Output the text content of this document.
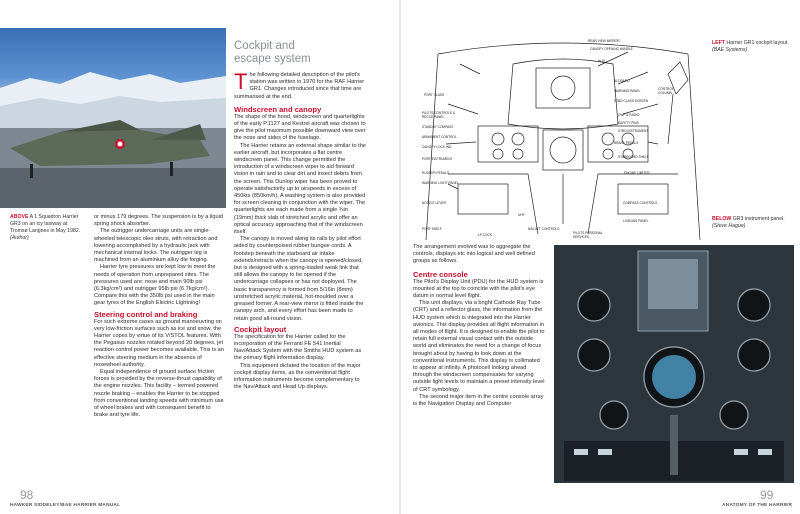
ABOVE A 1 Squadron Harrier GR3 on an icy taxiway at Tromsø Langnes in May 1982.
(Author)

or minus 179 degrees. The suspension is by a liquid spring shock absorber.

The outrigger undercarriage units are single-wheeled telescopic oleo struts, with retraction and lowering accomplished by a hydraulic jack with mechanical internal locks. The outrigger leg is machined from an aluminium alloy die forging.

Harrier tyre pressures are kept low to meet the needs of operation from unprepared sites. The pressures used are: nose and main 90lb psi (6.3kg/cm²) and outrigger 95lb psi (6.7kg/cm²). Compare this with the 350lb psi used in the main gear tyres of the English Electric Lightning!

Steering control and braking

For such extreme cases as ground manoeuvring on very low-friction surfaces such as ice and snow, the Harrier copes by virtue of its V/STOL features. With the Pegasus nozzles rotated beyond 20 degrees, jet reaction control power becomes available. This is an effective steering medium in the absence of nosewheel authority.

Equal independence of ground surface friction forces is provided by the reverse-thrust capability of the engine nozzles. This facility – termed powered nozzle braking – enables the Harrier to be stopped from conventional landing speeds with minimum use of wheel brakes and with consequent benefit to brake and tyre life.

Cockpit and
escape system

The following detailed description of the pilot's station was written in 1970 for the RAF Harrier GR1. Changes introduced since that time are summarised at the end.

Windscreen and canopy

The shape of the hood, windscreen and quarterlights of the early P.1127 and Kestrel aircraft was chosen to give the pilot maximum possible downward view over the nose and sides of the fuselage.

The Harrier retains an external shape similar to the earlier aircraft, but incorporates a flat centre windscreen panel. This change permitted the introduction of a windscreen wiper to aid forward vision in rain and to clear dirt and insect debris from the screen. This Dunlop wiper has been proved to operate satisfactorily up to airspeeds in excess of 450kts (850km/h). A washing system is also provided for screen cleaning in conjunction with the wiper. The quarterlights are each made from a single ¾in (19mm) thick slab of stretched acrylic and offer an optical accuracy approaching that of the windscreen itself.

The canopy is moved along its rails by pilot effort aided by counterpoised rubber bungee cords. A footstep beneath the starboard air intake extends/retracts when the canopy is opened/closed, but is designed with a spring-loaded weak link that still allows the canopy to be opened if the undercarriage collapses or has not deployed. The basic transparency is formed from 5/16in (8mm) unstretched acrylic material, hot-moulded over a greased former. A rear-view mirror is fitted inside the canopy arch, and every effort has been made to retain good all-round vision.

Cockpit layout

The specification for the Harrier called for the incorporation of the Ferranti FE 541 Inertial Nav/Attack System with the Smiths HUD system as the primary flight information display.

This equipment dictated the location of the major cockpit display items, as the conventional flight information instruments become complementary to the Nav/Attack and Head Up displays.

98
HAWKER SIDDELEY/BAE HARRIER MANUAL
PORT CLASS
PILOTS CONTROLS &
RECCE PANEL
STANDBY COMPASS
ARMAMENT CONTROL
CANOPY LOCK IND.
PORT INSTRUMENT
RUDDER PEDALS
WARNING LIGHT PANEL
NOZZLE LEVER
PORT SHELF
REAR VIEW MIRROR
CANOPY OPENING HANDLE
HUD
ALT/BARO
WARNING PANEL
STBD CLASS SCREEN
CWP & RADIO
SAFETY PINS
STBD INSTRUMENT
BRAKE PEDALS
STARBOARD SHELF
ENGINE LIMITER
CONTROL
COLUMN
COMPASS CONTROLS
LOADING PANEL
UHF
NAV ATT CONTROLS
PILOTS PERSONAL
SERVICES
LP COCK
LEFT Harrier GR1 cockpit layout. (BAE Systems)
BELOW GR3 instrument panel.
(Steve Hague)

The arrangement evolved was to aggregate the controls, displays etc into logical and well defined groups as follows.

Centre console

The Pilot's Display Unit (PDU) for the HUD system is mounted at the top to coincide with the pilot's eye datum in normal level flight.

This unit displays, via a bright Cathode Ray Tube (CRT) and a reflector glass, the information from the HUD system which is integrated into the Harrier avionics. This display provides all flight information in all modes of flight. It is designed to enable the pilot to retain full external visual contact with the outside world and eliminates the need for a change of focus brought about by having to look down at the conventional instruments. This display is collimated to appear at infinity. A photocell looking ahead through the windscreen compensates for varying outside light levels to maintain a preset intensity level of CRT symbology.

The second major item in the centre console array is the Navigation Display and Computer

99
ANATOMY OF THE HARRIER
